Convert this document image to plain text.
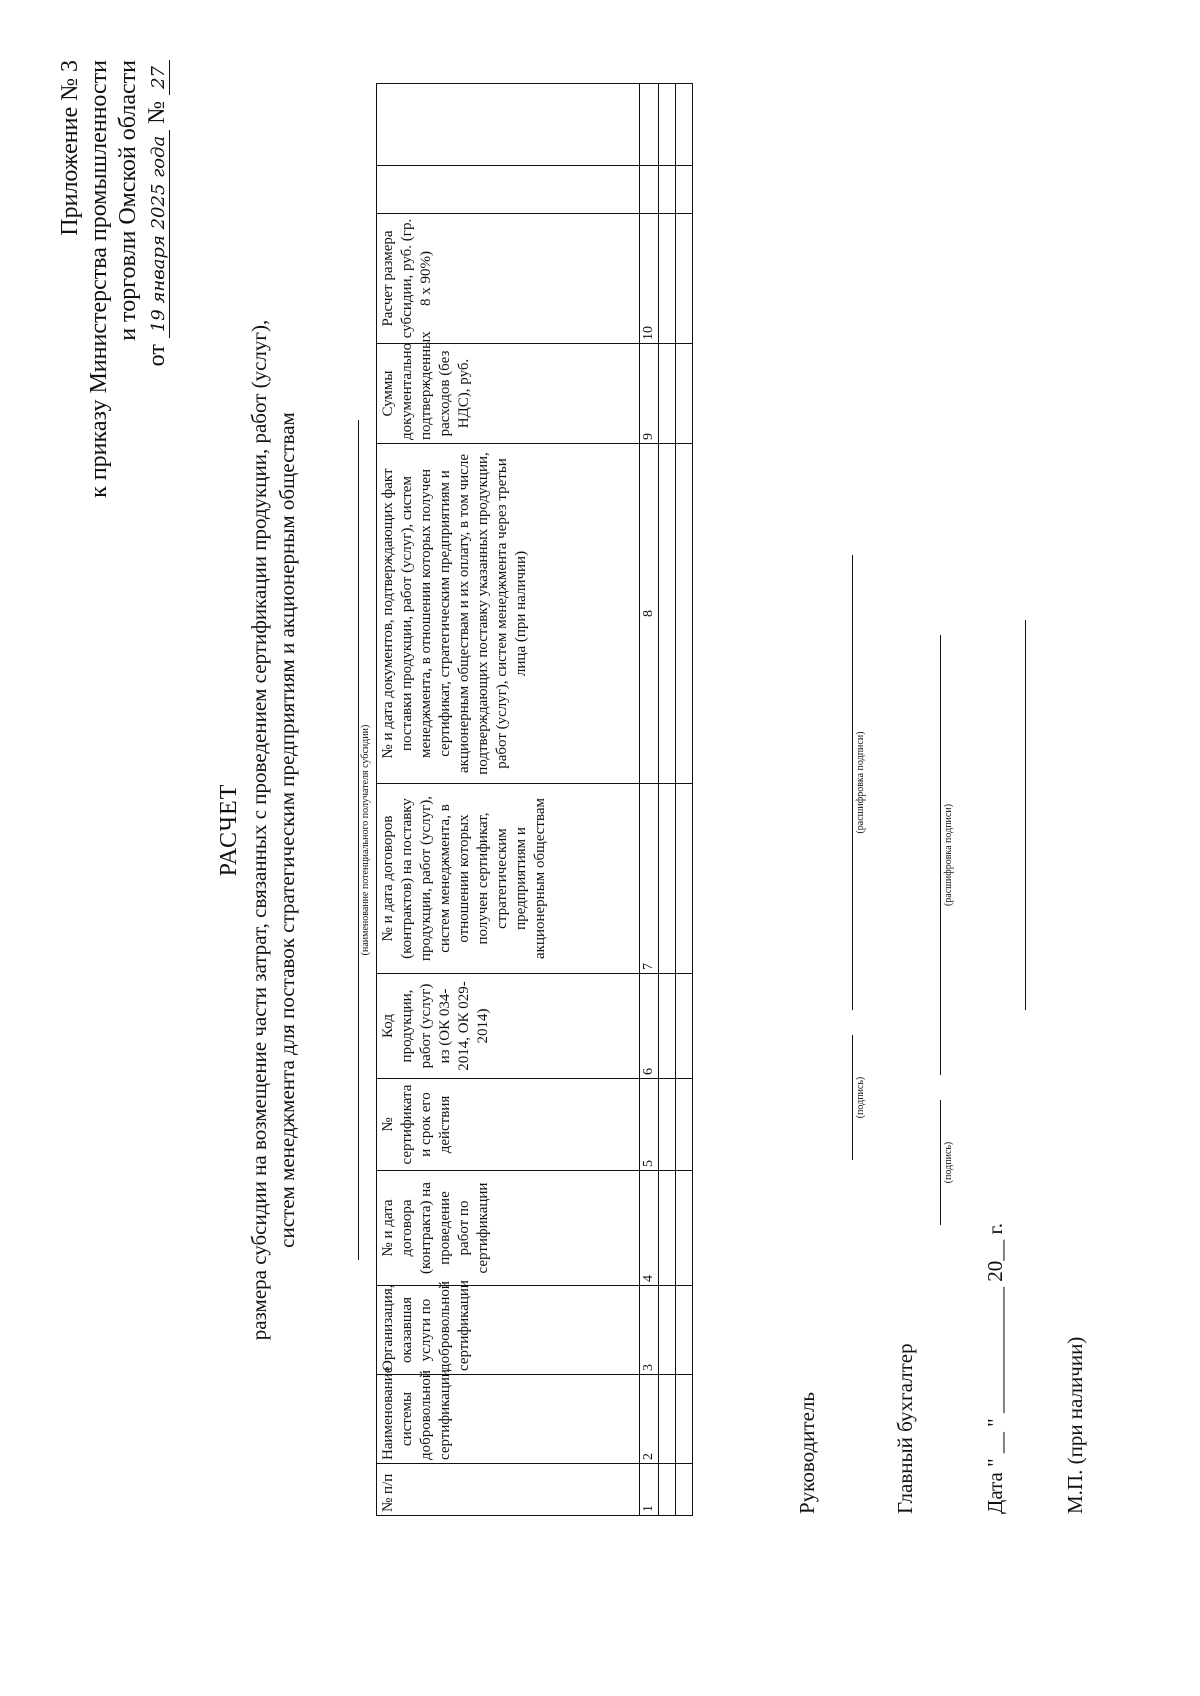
Приложение № 3 к приказу Министерства промышленности и торговли Омской области
от 19 января 2025 года № 27
РАСЧЕТ размера субсидии на возмещение части затрат, связанных с проведением сертификации продукции, работ (услуг), систем менеджмента для поставок стратегическим предприятиям и акционерным обществам	(наименование потенциального получателя субсидии)
№ п/п	Наименование системы добровольной сертификации	Организация, оказавшая услуги по добровольной сертификации	№ и дата договора (контракта) на проведение работ по сертификации	№ сертификата и срок его действия	Код продукции, работ (услуг) из (ОК 034-2014, ОК 029-2014)	№ и дата договоров (контрактов) на поставку продукции, работ (услуг), систем менеджмента, в отношении которых получен сертификат, стратегическим предприятиям и акционерным обществам	№ и дата документов, подтверждающих факт поставки продукции, работ (услуг), систем менеджмента, в отношении которых получен сертификат, стратегическим предприятиям и акционерным обществам и их оплату, в том числе подтверждающих поставку указанных продукции, работ (услуг), систем менеджмента через третьи лица (при наличии)	Суммы документально подтвержденных расходов (без НДС), руб.	Расчет размера субсидии, руб. (гр. 8 x 90%)		
1	2	3	4	5	6	7	8	9	10		

Руководитель
(подпись)
(расшифровка подписи)
Главный бухгалтер
(подпись)
(расшифровка подписи)
Дата " __ " ____________ 20__ г.	М.П. (при наличии)
